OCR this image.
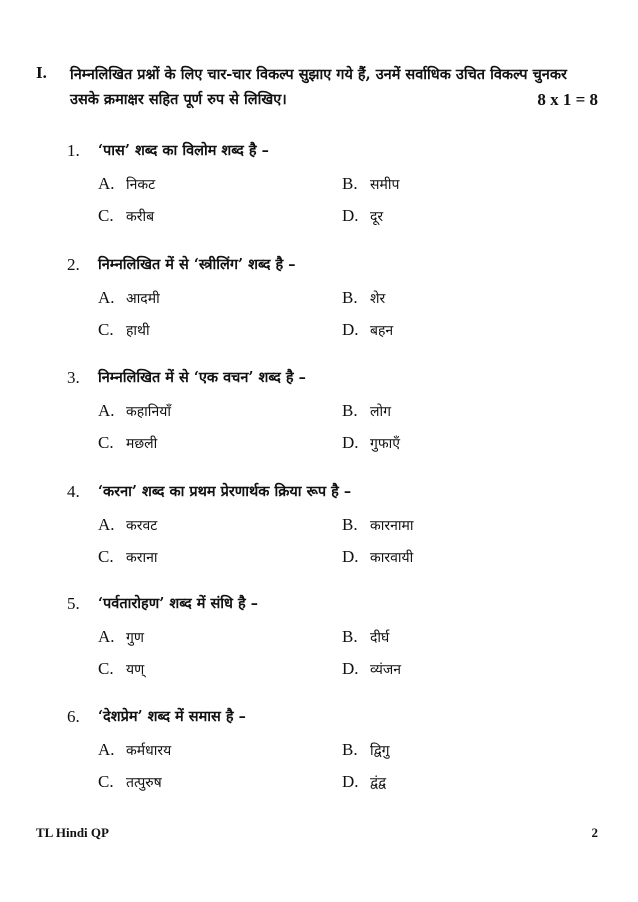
I. निम्नलिखित प्रश्नों के लिए चार-चार विकल्प सुझाए गये हैं, उनमें सर्वाधिक उचित विकल्प चुनकर
उसके क्रमाक्षर सहित पूर्ण रुप से लिखिए।	8 x 1 = 8
1. ‘पास’ शब्द का विलोम शब्द है –
A. निकट	B. समीप
C. करीब	D. दूर
2. निम्नलिखित में से ‘स्त्रीलिंग’ शब्द है –
A. आदमी	B. शेर
C. हाथी	D. बहन
3. निम्नलिखित में से ‘एक वचन’ शब्द है –
A. कहानियाँ	B. लोग
C. मछली	D. गुफाएँ
4. ‘करना’ शब्द का प्रथम प्रेरणार्थक क्रिया रूप है –
A. करवट	B. कारनामा
C. कराना	D. कारवायी
5. ‘पर्वतारोहण’ शब्द में संधि है –
A. गुण	B. दीर्घ
C. यण्	D. व्यंजन
6. ‘देशप्रेम’ शब्द में समास है –
A. कर्मधारय	B. द्विगु
C. तत्पुरुष	D. द्वंद्व
TL Hindi QP	2
